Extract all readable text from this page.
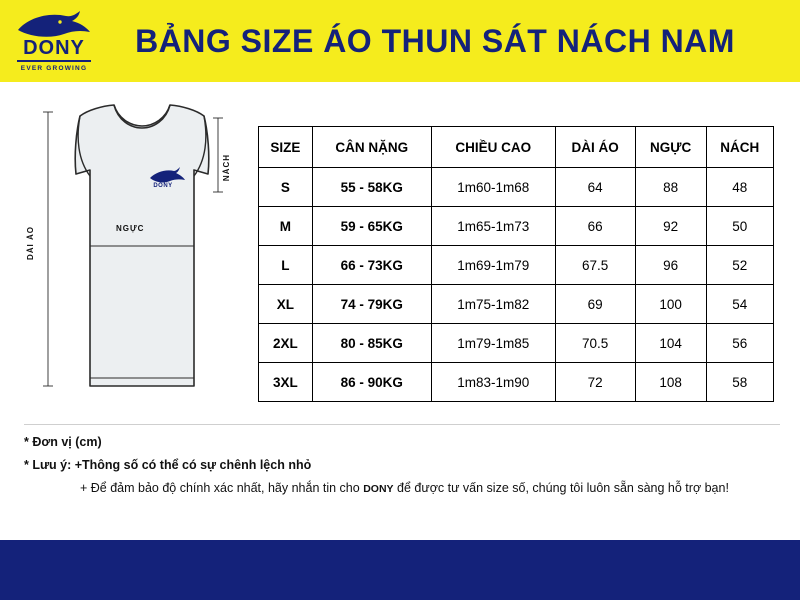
DONY
EVER GROWING
BẢNG SIZE ÁO THUN SÁT NÁCH NAM
DÀI ÁO
NÁCH
NGỰC
DONY
SIZE	CÂN NẶNG	CHIỀU CAO	DÀI ÁO	NGỰC	NÁCH
S	55 - 58KG	1m60-1m68	64	88	48
M	59 - 65KG	1m65-1m73	66	92	50
L	66 - 73KG	1m69-1m79	67.5	96	52
XL	74 - 79KG	1m75-1m82	69	100	54
2XL	80 - 85KG	1m79-1m85	70.5	104	56
3XL	86 - 90KG	1m83-1m90	72	108	58
* Đơn vị (cm)
* Lưu ý: +Thông số có thể có sự chênh lệch nhỏ
+ Để đảm bảo độ chính xác nhất, hãy nhắn tin cho DONY để được tư vấn size số, chúng tôi luôn sẵn sàng hỗ trợ bạn!
